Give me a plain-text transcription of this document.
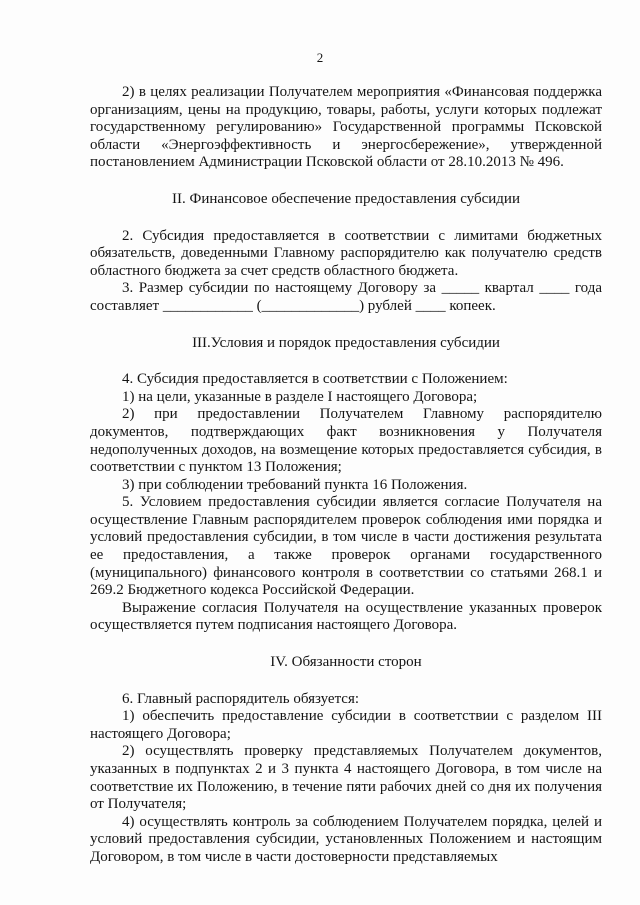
2

2) в целях реализации Получателем мероприятия «Финансовая поддержка организациям, цены на продукцию, товары, работы, услуги которых подлежат государственному регулированию» Государственной программы Псковской области «Энергоэффективность и энергосбережение», утвержденной постановлением Администрации Псковской области от 28.10.2013 № 496.

II. Финансовое обеспечение предоставления субсидии

2. Субсидия предоставляется в соответствии с лимитами бюджетных обязательств, доведенными Главному распорядителю как получателю средств областного бюджета за счет средств областного бюджета.

3. Размер субсидии по настоящему Договору за _____ квартал ____ года составляет ____________ (_____________) рублей ____ копеек.

III.Условия и порядок предоставления субсидии

4. Субсидия предоставляется в соответствии с Положением:

1) на цели, указанные в разделе I настоящего Договора;

2) при предоставлении Получателем Главному распорядителю документов, подтверждающих факт возникновения у Получателя недополученных доходов, на возмещение которых предоставляется субсидия, в соответствии с пунктом 13 Положения;

3) при соблюдении требований пункта 16 Положения.

5. Условием предоставления субсидии является согласие Получателя на осуществление Главным распорядителем проверок соблюдения ими порядка и условий предоставления субсидии, в том числе в части достижения результата ее предоставления, а также проверок органами государственного (муниципального) финансового контроля в соответствии со статьями 268.1 и 269.2 Бюджетного кодекса Российской Федерации.

Выражение согласия Получателя на осуществление указанных проверок осуществляется путем подписания настоящего Договора.

IV. Обязанности сторон

6. Главный распорядитель обязуется:

1) обеспечить предоставление субсидии в соответствии с разделом III настоящего Договора;

2) осуществлять проверку представляемых Получателем документов, указанных в подпунктах 2 и 3 пункта 4 настоящего Договора, в том числе на соответствие их Положению, в течение пяти рабочих дней со дня их получения от Получателя;

4) осуществлять контроль за соблюдением Получателем порядка, целей и условий предоставления субсидии, установленных Положением и настоящим Договором, в том числе в части достоверности представляемых
